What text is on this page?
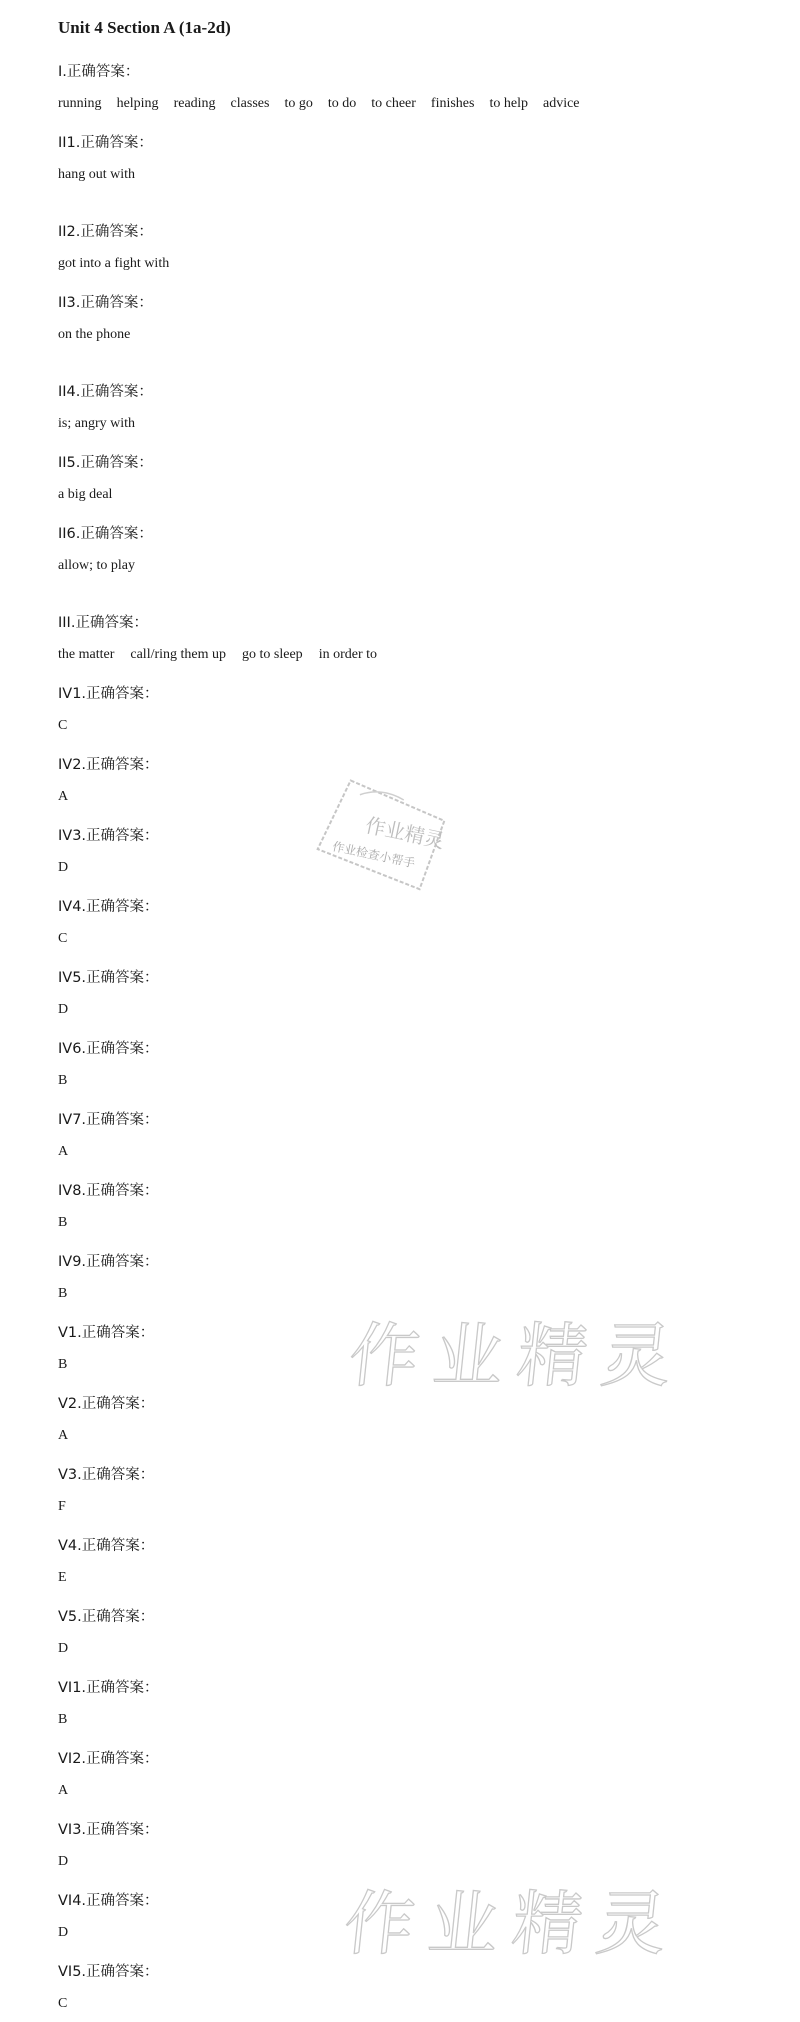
Unit 4 Section A (1a-2d)
I.正确答案：
running helping reading classes to go to do to cheer finishes to help advice
II1.正确答案：
hang out with
II2.正确答案：
got into a fight with
II3.正确答案：
on the phone
II4.正确答案：
is; angry with
II5.正确答案：
a big deal
II6.正确答案：
allow; to play
III.正确答案：
the matter call/ring them up go to sleep in order to
IV1.正确答案：
C
IV2.正确答案：
A
IV3.正确答案：
D
IV4.正确答案：
C
IV5.正确答案：
D
IV6.正确答案：
B
IV7.正确答案：
A
IV8.正确答案：
B
IV9.正确答案：
B
V1.正确答案：
B
V2.正确答案：
A
V3.正确答案：
F
V4.正确答案：
E
V5.正确答案：
D
VI1.正确答案：
B
VI2.正确答案：
A
VI3.正确答案：
D
VI4.正确答案：
D
VI5.正确答案：
C
作业精灵
作业检查小帮手
作业精灵
作业精灵
